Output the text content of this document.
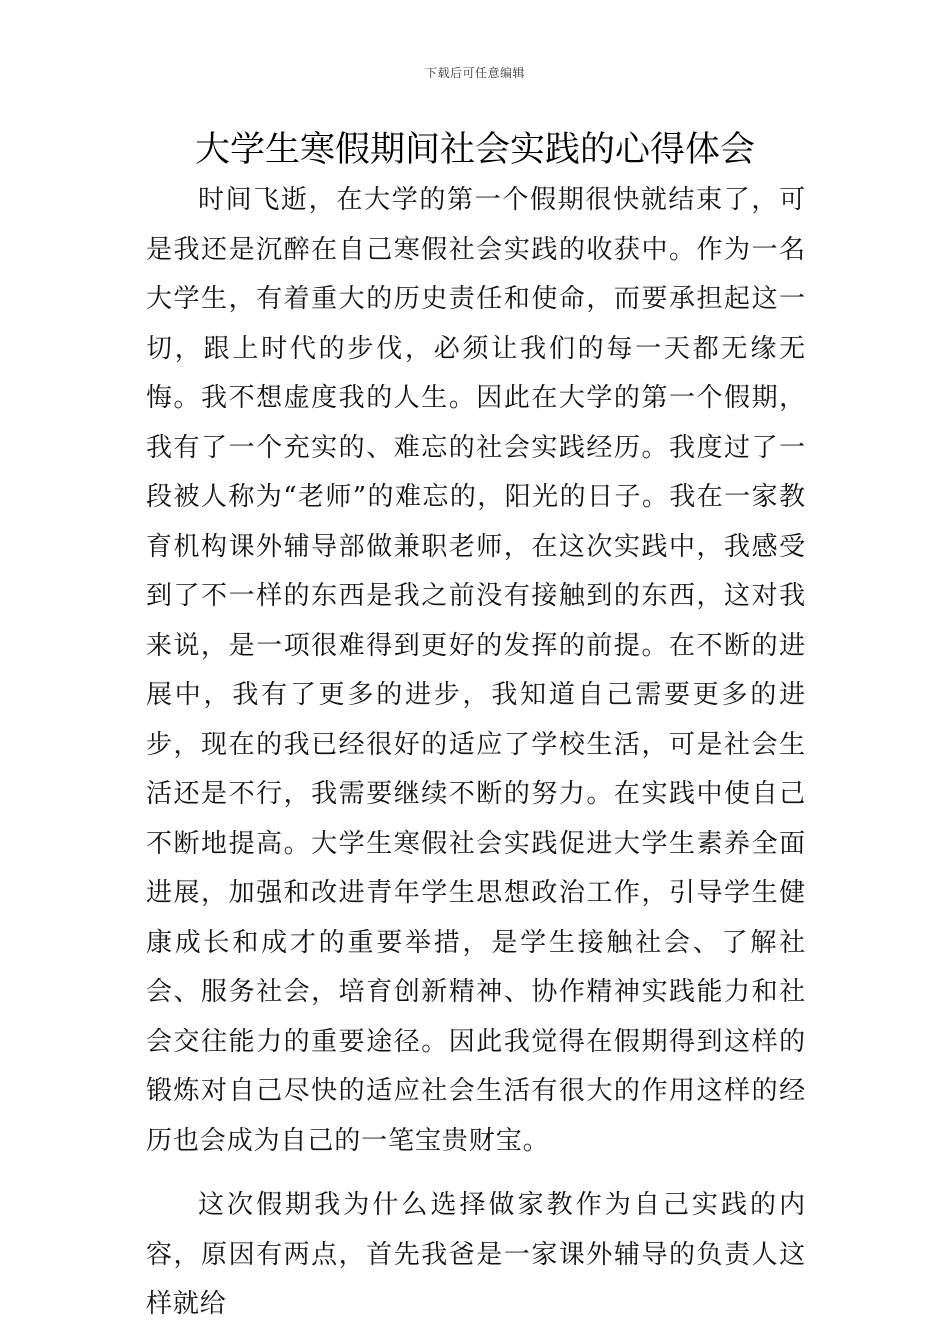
下载后可任意编辑
大学生寒假期间社会实践的心得体会

时间飞逝，在大学的第一个假期很快就结束了，可是我还是沉醉在自己寒假社会实践的收获中。作为一名大学生，有着重大的历史责任和使命，而要承担起这一切，跟上时代的步伐，必须让我们的每一天都无缘无悔。我不想虚度我的人生。因此在大学的第一个假期，我有了一个充实的、难忘的社会实践经历。我度过了一段被人称为“老师”的难忘的，阳光的日子。我在一家教育机构课外辅导部做兼职老师，在这次实践中，我感受到了不一样的东西是我之前没有接触到的东西，这对我来说，是一项很难得到更好的发挥的前提。在不断的进展中，我有了更多的进步，我知道自己需要更多的进步，现在的我已经很好的适应了学校生活，可是社会生活还是不行，我需要继续不断的努力。在实践中使自己不断地提高。大学生寒假社会实践促进大学生素养全面进展，加强和改进青年学生思想政治工作，引导学生健康成长和成才的重要举措，是学生接触社会、了解社会、服务社会，培育创新精神、协作精神实践能力和社会交往能力的重要途径。因此我觉得在假期得到这样的锻炼对自己尽快的适应社会生活有很大的作用这样的经历也会成为自己的一笔宝贵财宝。

这次假期我为什么选择做家教作为自己实践的内容，原因有两点，首先我爸是一家课外辅导的负责人这样就给
